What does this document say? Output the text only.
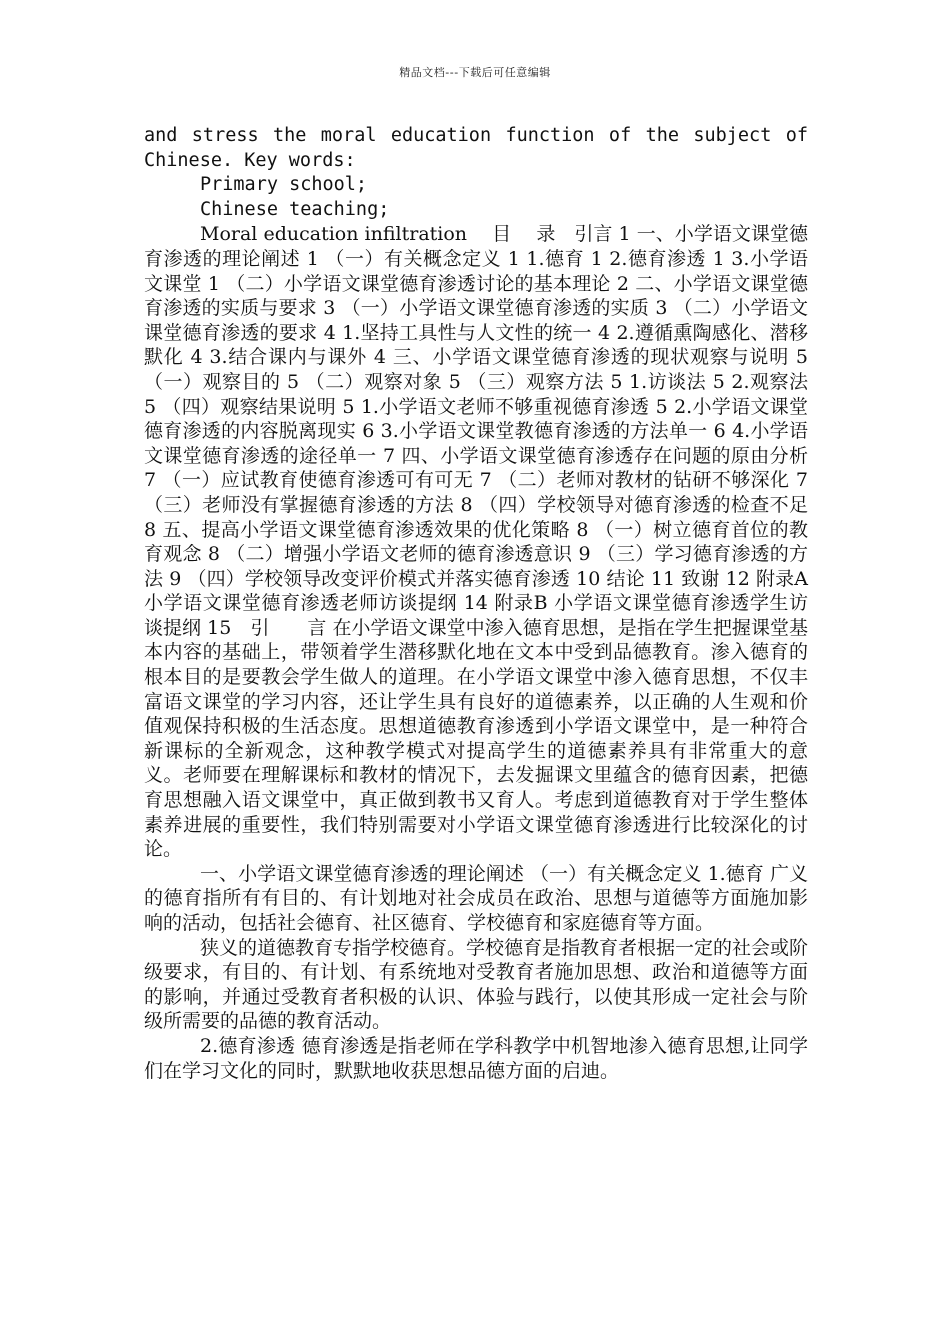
精品文档---下载后可任意编辑

and stress the moral education function of the subject of Chinese. Key words:

Primary school;

Chinese teaching;

Moral education infiltration　 目　 录　引言 1 一、小学语文课堂德育渗透的理论阐述 1 （一）有关概念定义 1 1.德育 1 2.德育渗透 1 3.小学语文课堂 1 （二）小学语文课堂德育渗透讨论的基本理论 2 二、小学语文课堂德育渗透的实质与要求 3 （一）小学语文课堂德育渗透的实质 3 （二）小学语文课堂德育渗透的要求 4 1.坚持工具性与人文性的统一 4 2.遵循熏陶感化、潜移默化 4 3.结合课内与课外 4 三、小学语文课堂德育渗透的现状观察与说明 5 （一）观察目的 5 （二）观察对象 5 （三）观察方法 5 1.访谈法 5 2.观察法 5 （四）观察结果说明 5 1.小学语文老师不够重视德育渗透 5 2.小学语文课堂德育渗透的内容脱离现实 6 3.小学语文课堂教德育渗透的方法单一 6 4.小学语文课堂德育渗透的途径单一 7 四、小学语文课堂德育渗透存在问题的原由分析 7 （一）应试教育使德育渗透可有可无 7 （二）老师对教材的钻研不够深化 7 （三）老师没有掌握德育渗透的方法 8 （四）学校领导对德育渗透的检查不足 8 五、提高小学语文课堂德育渗透效果的优化策略 8 （一）树立德育首位的教育观念 8 （二）增强小学语文老师的德育渗透意识 9 （三）学习德育渗透的方法 9 （四）学校领导改变评价模式并落实德育渗透 10 结论 11 致谢 12 附录A 小学语文课堂德育渗透老师访谈提纲 14 附录B 小学语文课堂德育渗透学生访谈提纲 15　引　　言 在小学语文课堂中渗入德育思想，是指在学生把握课堂基本内容的基础上，带领着学生潜移默化地在文本中受到品德教育。渗入德育的根本目的是要教会学生做人的道理。在小学语文课堂中渗入德育思想，不仅丰富语文课堂的学习内容，还让学生具有良好的道德素养，以正确的人生观和价值观保持积极的生活态度。思想道德教育渗透到小学语文课堂中，是一种符合新课标的全新观念，这种教学模式对提高学生的道德素养具有非常重大的意义。老师要在理解课标和教材的情况下，去发掘课文里蕴含的德育因素，把德育思想融入语文课堂中，真正做到教书又育人。考虑到道德教育对于学生整体素养进展的重要性，我们特别需要对小学语文课堂德育渗透进行比较深化的讨论。

一、小学语文课堂德育渗透的理论阐述 （一）有关概念定义 1.德育 广义的德育指所有有目的、有计划地对社会成员在政治、思想与道德等方面施加影响的活动，包括社会德育、社区德育、学校德育和家庭德育等方面。

狭义的道德教育专指学校德育。学校德育是指教育者根据一定的社会或阶级要求，有目的、有计划、有系统地对受教育者施加思想、政治和道德等方面的影响，并通过受教育者积极的认识、体验与践行，以使其形成一定社会与阶级所需要的品德的教育活动。

2.德育渗透 德育渗透是指老师在学科教学中机智地渗入德育思想,让同学们在学习文化的同时，默默地收获思想品德方面的启迪。
